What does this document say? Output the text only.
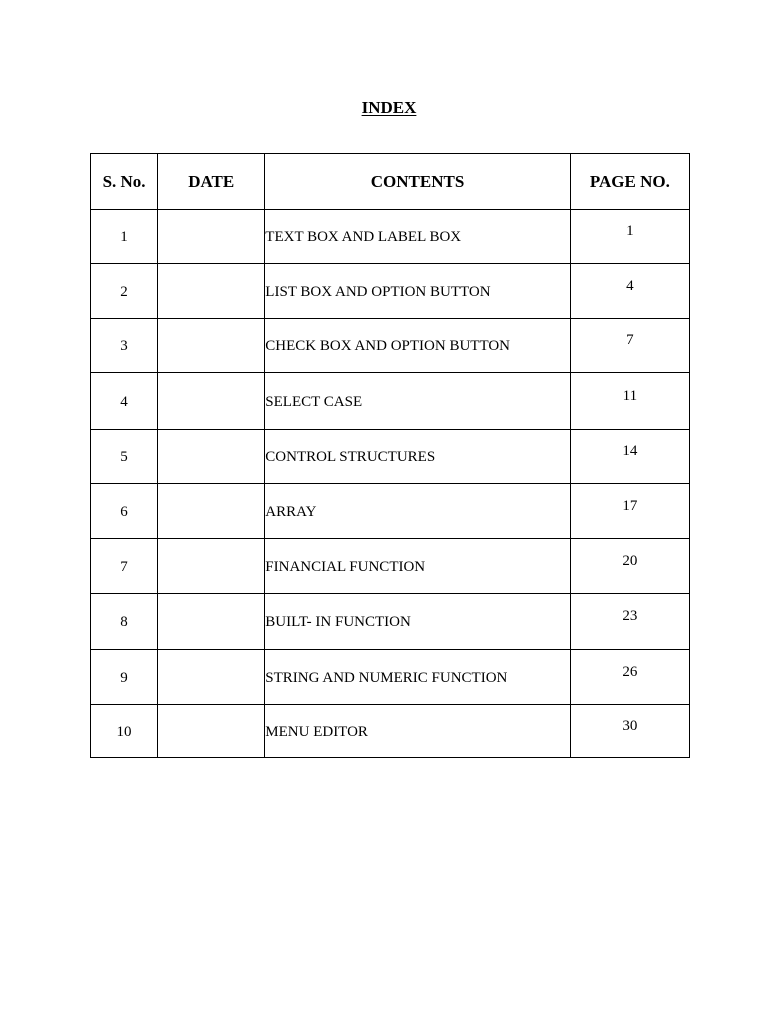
INDEX
S. No.	DATE	CONTENTS	PAGE NO.
1		TEXT BOX AND LABEL BOX	1
2		LIST BOX AND OPTION BUTTON	4
3		CHECK BOX AND OPTION BUTTON	7
4		SELECT CASE	11
5		CONTROL STRUCTURES	14
6		ARRAY	17
7		FINANCIAL FUNCTION	20
8		BUILT- IN FUNCTION	23
9		STRING AND NUMERIC FUNCTION	26
10		MENU EDITOR	30
